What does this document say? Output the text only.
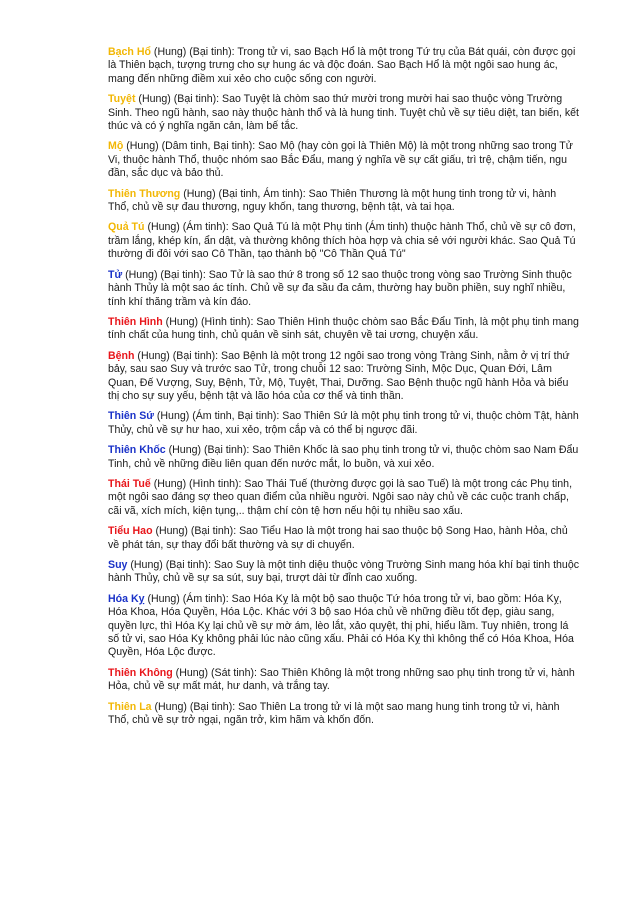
Bạch Hổ (Hung) (Bại tinh): Trong tử vi, sao Bạch Hổ là một trong Tứ trụ của Bát quái, còn được gọi là Thiên bạch, tượng trưng cho sự hung ác và độc đoán. Sao Bạch Hổ là một ngôi sao hung ác, mang đến những điềm xui xẻo cho cuộc sống con người.

Tuyệt (Hung) (Bại tinh): Sao Tuyệt là chòm sao thứ mười trong mười hai sao thuộc vòng Trường Sinh. Theo ngũ hành, sao này thuộc hành thổ và là hung tinh. Tuyệt chủ về sự tiêu diệt, tan biến, kết thúc và có ý nghĩa ngăn cản, làm bế tắc.

Mộ (Hung) (Dâm tinh, Bại tinh): Sao Mộ (hay còn gọi là Thiên Mộ) là một trong những sao trong Tử Vi, thuộc hành Thổ, thuộc nhóm sao Bắc Đẩu, mang ý nghĩa về sự cất giấu, trì trệ, chậm tiến, ngu đần, sắc dục và bảo thủ.

Thiên Thương (Hung) (Bại tinh, Ám tinh): Sao Thiên Thương là một hung tinh trong tử vi, hành Thổ, chủ về sự đau thương, nguy khốn, tang thương, bệnh tật, và tai họa.

Quả Tú (Hung) (Ám tinh): Sao Quả Tú là một Phụ tinh (Ám tinh) thuộc hành Thổ, chủ về sự cô đơn, trầm lắng, khép kín, ẩn dật, và thường không thích hòa hợp và chia sẻ với người khác. Sao Quả Tú thường đi đôi với sao Cô Thần, tạo thành bộ "Cô Thần Quả Tú"

Tử (Hung) (Bại tinh): Sao Tử là sao thứ 8 trong số 12 sao thuộc trong vòng sao Trường Sinh thuộc hành Thủy là một sao ác tính. Chủ về sự đa sầu đa cảm, thường hay buồn phiền, suy nghĩ nhiều, tính khí thăng trầm và kín đáo.

Thiên Hình (Hung) (Hình tinh): Sao Thiên Hình thuộc chòm sao Bắc Đẩu Tinh, là một phụ tinh mang tính chất của hung tinh, chủ quản về sinh sát, chuyên về tai ương, chuyện xấu.

Bệnh (Hung) (Bại tinh): Sao Bệnh là một trong 12 ngôi sao trong vòng Tràng Sinh, nằm ở vị trí thứ bảy, sau sao Suy và trước sao Tử, trong chuỗi 12 sao: Trường Sinh, Mộc Dục, Quan Đới, Lâm Quan, Đế Vượng, Suy, Bệnh, Tử, Mộ, Tuyệt, Thai, Dưỡng. Sao Bệnh thuộc ngũ hành Hỏa và biểu thị cho sự suy yếu, bệnh tật và lão hóa của cơ thể và tinh thần.

Thiên Sứ (Hung) (Ám tinh, Bại tinh): Sao Thiên Sứ là một phụ tinh trong tử vi, thuộc chòm Tật, hành Thủy, chủ về sự hư hao, xui xẻo, trộm cắp và có thể bị ngược đãi.

Thiên Khốc (Hung) (Bại tinh): Sao Thiên Khốc là sao phụ tinh trong tử vi, thuộc chòm sao Nam Đẩu Tinh, chủ về những điều liên quan đến nước mắt, lo buồn, và xui xẻo.

Thái Tuế (Hung) (Hình tinh): Sao Thái Tuế (thường được gọi là sao Tuế) là một trong các Phụ tinh, một ngôi sao đáng sợ theo quan điểm của nhiều người. Ngôi sao này chủ về các cuộc tranh chấp, cãi vã, xích mích, kiện tụng,.. thậm chí còn tệ hơn nếu hội tụ nhiều sao xấu.

Tiểu Hao (Hung) (Bại tinh): Sao Tiểu Hao là một trong hai sao thuộc bộ Song Hao, hành Hỏa, chủ về phát tán, sự thay đổi bất thường và sự di chuyển.

Suy (Hung) (Bại tinh): Sao Suy là một tinh diệu thuộc vòng Trường Sinh mang hóa khí bại tinh thuộc hành Thủy, chủ về sự sa sút, suy bại, trượt dài từ đỉnh cao xuống.

Hóa Kỵ (Hung) (Ám tinh): Sao Hóa Kỵ là một bộ sao thuộc Tứ hóa trong tử vi, bao gồm: Hóa Kỵ, Hóa Khoa, Hóa Quyền, Hóa Lộc. Khác với 3 bộ sao Hóa chủ về những điều tốt đẹp, giàu sang, quyền lực, thì Hóa Kỵ lại chủ về sự mờ ám, lèo lắt, xảo quyệt, thị phi, hiểu lầm. Tuy nhiên, trong lá số tử vi, sao Hóa Kỵ không phải lúc nào cũng xấu. Phải có Hóa Kỵ thì không thể có Hóa Khoa, Hóa Quyền, Hóa Lộc được.

Thiên Không (Hung) (Sát tinh): Sao Thiên Không là một trong những sao phụ tinh trong tử vi, hành Hỏa, chủ về sự mất mát, hư danh, và trắng tay.

Thiên La (Hung) (Bại tinh): Sao Thiên La trong tử vi là một sao mang hung tinh trong tử vi, hành Thổ, chủ về sự trở ngại, ngăn trở, kìm hãm và khốn đốn.
